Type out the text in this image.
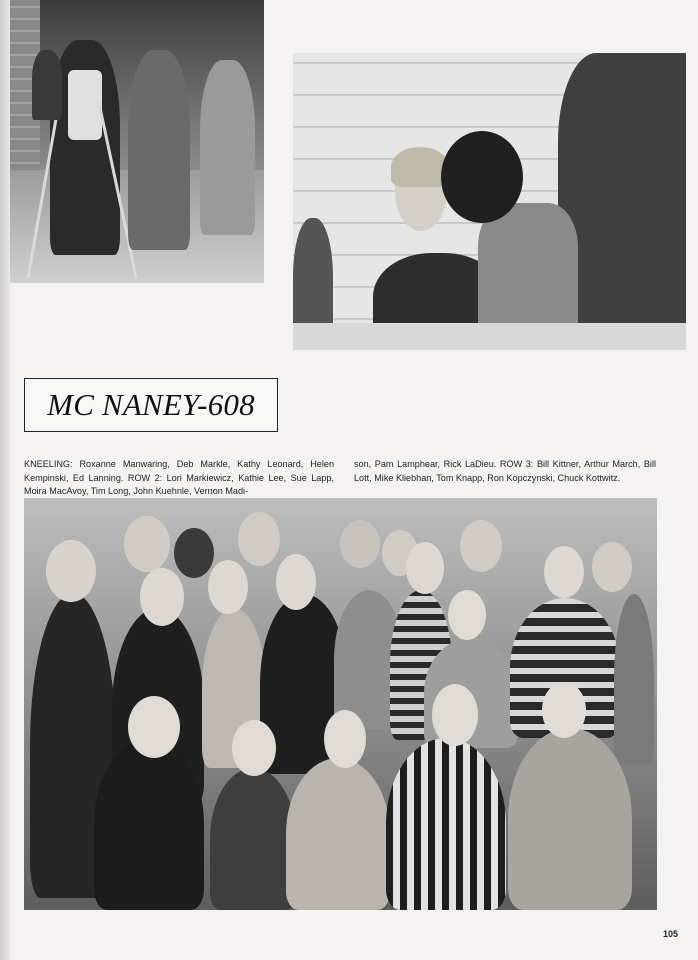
MC NANEY-608
KNEELING: Roxanne Manwaring, Deb Markle, Kathy Leonard, Helen Kempinski, Ed Lanning. ROW 2: Lori Markiewicz, Kathie Lee, Sue Lapp, Moira MacAvoy, Tim Long, John Kuehnle, Vernon Madi-
son, Pam Lamphear, Rick LaDieu. ROW 3: Bill Kittner, Arthur March, Bill Lott, Mike Kliebhan, Tom Knapp, Ron Kopczynski, Chuck Kottwitz.
105
